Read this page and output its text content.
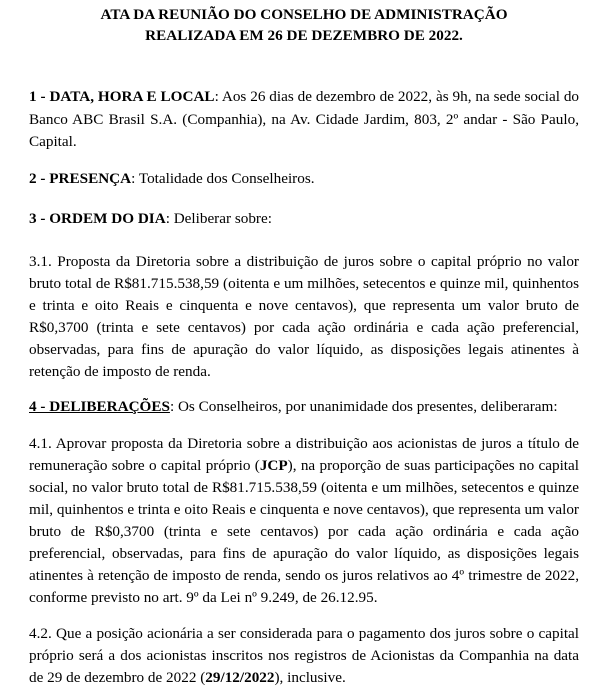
ATA DA REUNIÃO DO CONSELHO DE ADMINISTRAÇÃO
REALIZADA EM 26 DE DEZEMBRO DE 2022.

1 - DATA, HORA E LOCAL: Aos 26 dias de dezembro de 2022, às 9h, na sede social do Banco ABC Brasil S.A. (Companhia), na Av. Cidade Jardim, 803, 2º andar - São Paulo, Capital.

2 - PRESENÇA: Totalidade dos Conselheiros.

3 - ORDEM DO DIA: Deliberar sobre:

3.1. Proposta da Diretoria sobre a distribuição de juros sobre o capital próprio no valor bruto total de R$81.715.538,59 (oitenta e um milhões, setecentos e quinze mil, quinhentos e trinta e oito Reais e cinquenta e nove centavos), que representa um valor bruto de R$0,3700 (trinta e sete centavos) por cada ação ordinária e cada ação preferencial, observadas, para fins de apuração do valor líquido, as disposições legais atinentes à retenção de imposto de renda.

4 - DELIBERAÇÕES: Os Conselheiros, por unanimidade dos presentes, deliberaram:

4.1. Aprovar proposta da Diretoria sobre a distribuição aos acionistas de juros a título de remuneração sobre o capital próprio (JCP), na proporção de suas participações no capital social, no valor bruto total de R$81.715.538,59 (oitenta e um milhões, setecentos e quinze mil, quinhentos e trinta e oito Reais e cinquenta e nove centavos), que representa um valor bruto de R$0,3700 (trinta e sete centavos) por cada ação ordinária e cada ação preferencial, observadas, para fins de apuração do valor líquido, as disposições legais atinentes à retenção de imposto de renda, sendo os juros relativos ao 4º trimestre de 2022, conforme previsto no art. 9º da Lei nº 9.249, de 26.12.95.

4.2. Que a posição acionária a ser considerada para o pagamento dos juros sobre o capital próprio será a dos acionistas inscritos nos registros de Acionistas da Companhia na data de 29 de dezembro de 2022 (29/12/2022), inclusive.
